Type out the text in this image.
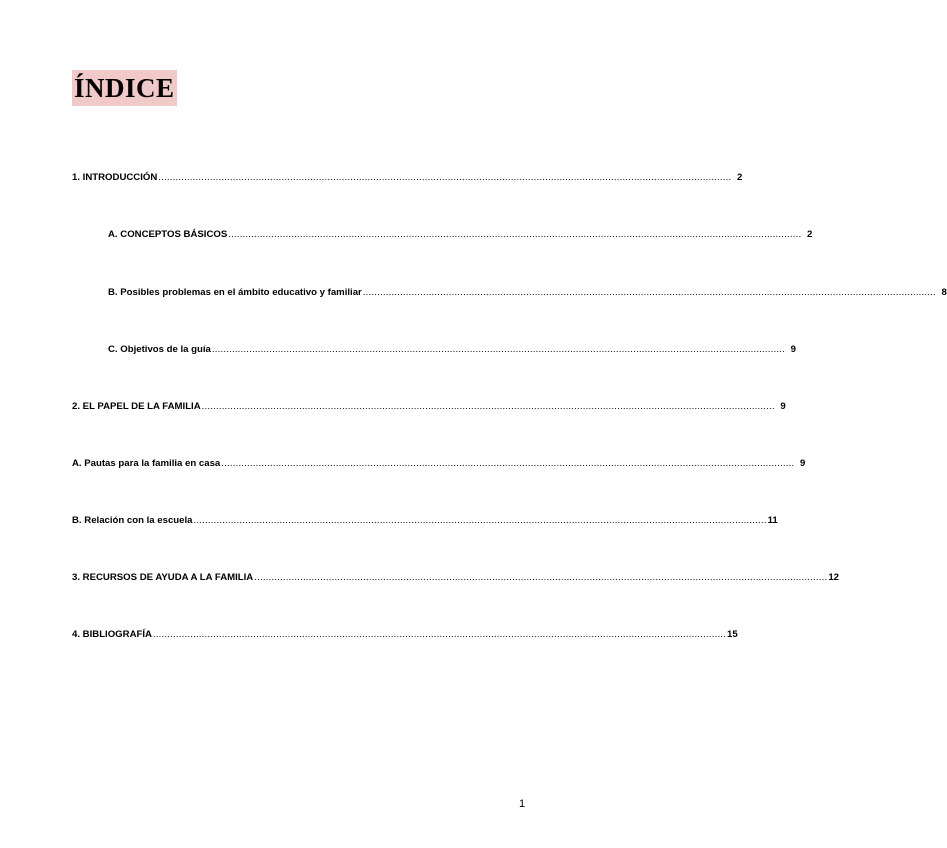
ÍNDICE
1. INTRODUCCIÓN ........................................................................................................................................................................................................ 2
A. CONCEPTOS BÁSICOS ........................................................................................................................................................................................................ 2
B. Posibles problemas en el ámbito educativo y familiar ........................................................................................................................................................................................................ 8
C. Objetivos de la guía ........................................................................................................................................................................................................ 9
2. EL PAPEL DE LA FAMILIA ........................................................................................................................................................................................................ 9
A. Pautas para la familia en casa ........................................................................................................................................................................................................ 9
B. Relación con la escuela ........................................................................................................................................................................................................ 11
3. RECURSOS DE AYUDA A LA FAMILIA ........................................................................................................................................................................................................ 12
4. BIBLIOGRAFÍA ........................................................................................................................................................................................................ 15
1
